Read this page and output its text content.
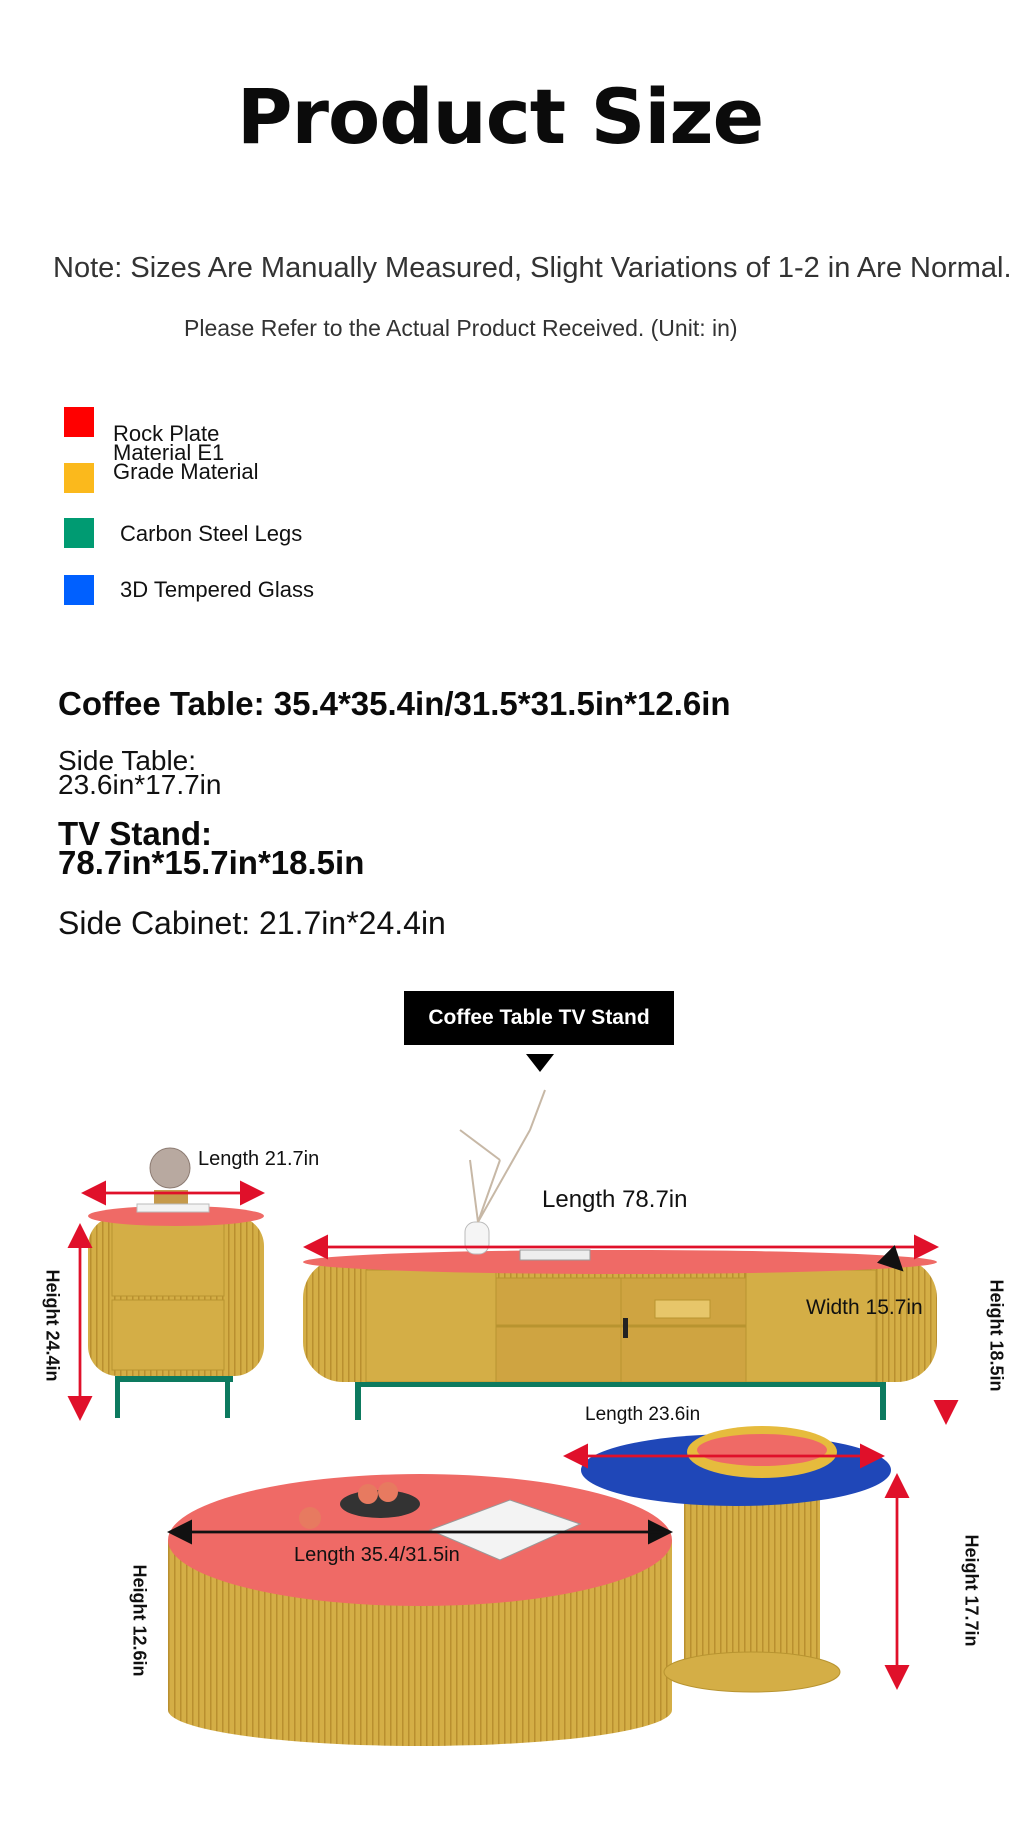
Product Size
Note: Sizes Are Manually Measured, Slight Variations of 1-2 in Are Normal.
Please Refer to the Actual Product Received. (Unit: in)
Rock Plate
Material E1 Grade Material
Carbon Steel Legs
3D Tempered Glass
Coffee Table: 35.4*35.4in/31.5*31.5in*12.6in
Side Table:
23.6in*17.7in
TV Stand:
78.7in*15.7in*18.5in
Side Cabinet: 21.7in*24.4in
Coffee Table TV Stand
Length 21.7in
Height 24.4in
Length 78.7in
Width 15.7in	Height 18.5in
Length 23.6in
Height 17.7in
Length 35.4/31.5in
Height 12.6in
